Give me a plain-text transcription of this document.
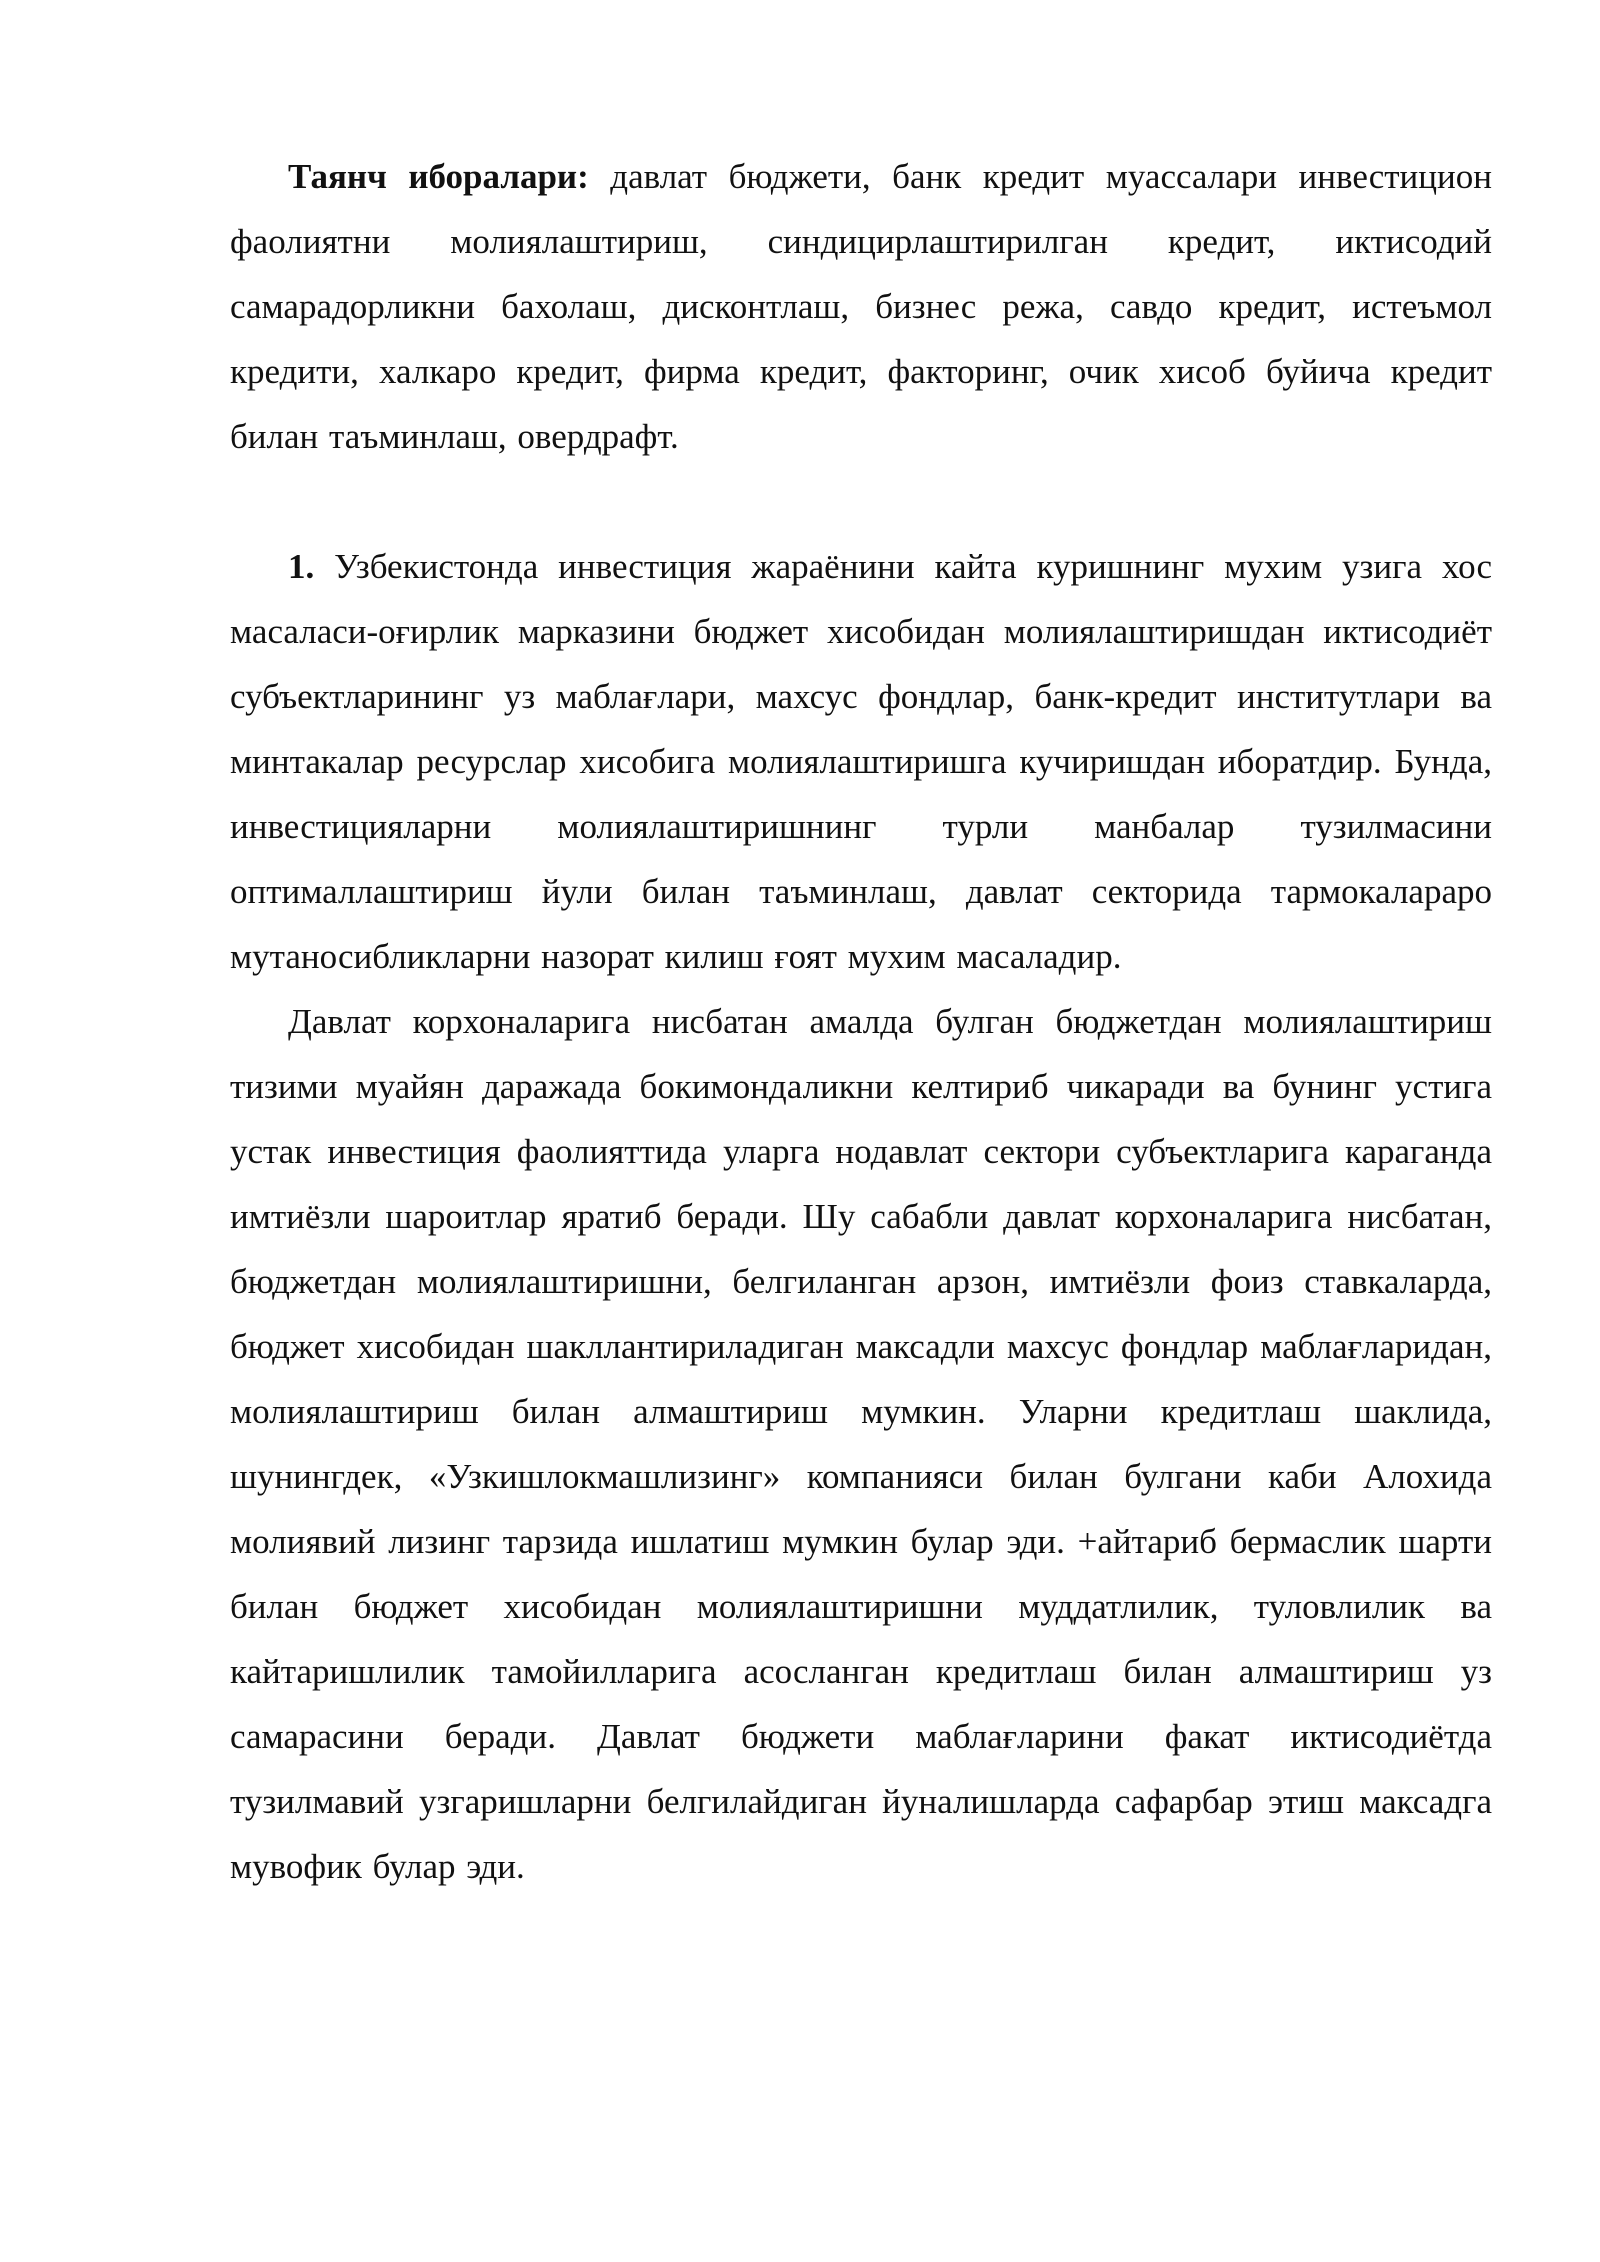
Таянч иборалари: давлат бюджети, банк кредит муассалари инвестицион фаолиятни молиялаштириш, синдицирлаштирилган кредит, иктисодий самарадорликни бахолаш, дисконтлаш, бизнес режа, савдо кредит, истеъмол кредити, халкаро кредит, фирма кредит, факторинг, очик хисоб буйича кредит билан таъминлаш, овердрафт.

1. Узбекистонда инвестиция жараёнини кайта куришнинг мухим узига хос масаласи-оғирлик марказини бюджет хисобидан молиялаштиришдан иктисодиёт субъектларининг уз маблағлари, махсус фондлар, банк-кредит институтлари ва минтакалар ресурслар хисобига молиялаштиришга кучиришдан иборатдир. Бунда, инвестицияларни молиялаштиришнинг турли манбалар тузилмасини оптималлаштириш йули билан таъминлаш, давлат секторида тармокалараро мутаносибликларни назорат килиш ғоят мухим масаладир.

Давлат корхоналарига нисбатан амалда булган бюджетдан молиялаштириш тизими муайян даражада бокимондаликни келтириб чикаради ва бунинг устига устак инвестиция фаолияттида уларга нодавлат сектори субъектларига караганда имтиёзли шароитлар яратиб беради. Шу сабабли давлат корхоналарига нисбатан, бюджетдан молиялаштиришни, белгиланган арзон, имтиёзли фоиз ставкаларда, бюджет хисобидан шакллантириладиган максадли махсус фондлар маблағларидан, молиялаштириш билан алмаштириш мумкин. Уларни кредитлаш шаклида, шунингдек, «Узкишлокмашлизинг» компанияси билан булгани каби Алохида молиявий лизинг тарзида ишлатиш мумкин булар эди. +айтариб бермаслик шарти билан бюджет хисобидан молиялаштиришни муддатлилик, туловлилик ва кайтаришлилик тамойилларига асосланган кредитлаш билан алмаштириш уз самарасини беради. Давлат бюджети маблағларини факат иктисодиётда тузилмавий узгаришларни белгилайдиган йуналишларда сафарбар этиш максадга мувофик булар эди.
